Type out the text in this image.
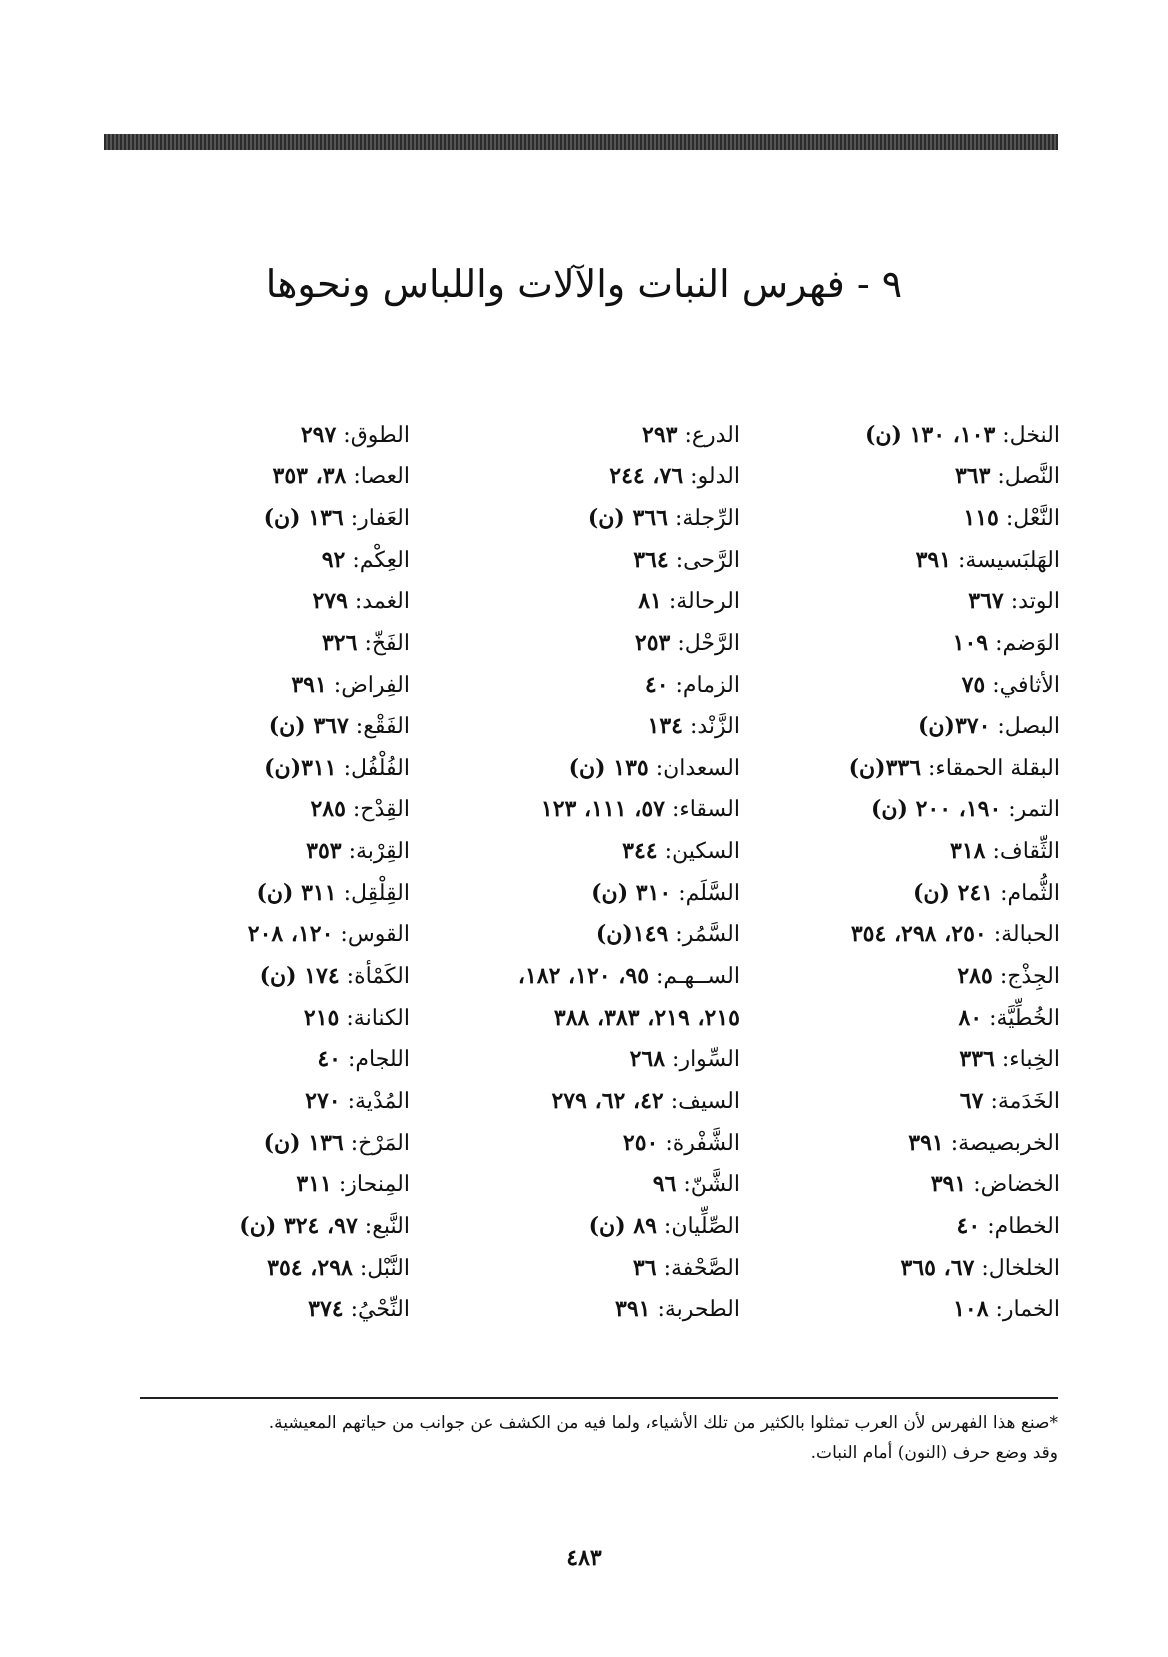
٩ - فهرس النبات والآلات واللباس ونحوها
النخل: ١٠٣، ١٣٠ (ن)
النَّصل: ٣٦٣
النَّعْل: ١١٥
الهَلبَسيسة: ٣٩١
الوتد: ٣٦٧
الوَضم: ١٠٩
الأثافي: ٧٥
البصل: ٣٧٠(ن)
البقلة الحمقاء: ٣٣٦(ن)
التمر: ١٩٠، ٢٠٠ (ن)
الثِّقاف: ٣١٨
الثُّمام: ٢٤١ (ن)
الحبالة: ٢٥٠، ٢٩٨، ٣٥٤
الجِذْج: ٢٨٥
الخُطِّيَّة: ٨٠
الخِباء: ٣٣٦
الخَدَمة: ٦٧
الخربصيصة: ٣٩١
الخضاض: ٣٩١
الخطام: ٤٠
الخلخال: ٦٧، ٣٦٥
الخمار: ١٠٨
الدرع: ٢٩٣
الدلو: ٧٦، ٢٤٤
الرِّجلة: ٣٦٦ (ن)
الرَّحى: ٣٦٤
الرحالة: ٨١
الرَّحْل: ٢٥٣
الزمام: ٤٠
الزَّنْد: ١٣٤
السعدان: ١٣٥ (ن)
السقاء: ٥٧، ١١١، ١٢٣
السكين: ٣٤٤
السَّلَم: ٣١٠ (ن)
السَّمُر: ١٤٩(ن)
الســهـم: ٩٥، ١٢٠، ١٨٢،
٢١٥، ٢١٩، ٣٨٣، ٣٨٨
السِّوار: ٢٦٨
السيف: ٤٢، ٦٢، ٢٧٩
الشَّفْرة: ٢٥٠
الشَّنّ: ٩٦
الصِّلِّيان: ٨٩ (ن)
الصَّحْفة: ٣٦
الطحربة: ٣٩١
الطوق: ٢٩٧
العصا: ٣٨، ٣٥٣
العَفار: ١٣٦ (ن)
العِكْم: ٩٢
الغمد: ٢٧٩
الفَخّ: ٣٢٦
الفِراض: ٣٩١
الفَقْع: ٣٦٧ (ن)
الفُلْفُل: ٣١١(ن)
القِدْح: ٢٨٥
القِرْبة: ٣٥٣
القِلْقِل: ٣١١ (ن)
القوس: ١٢٠، ٢٠٨
الكَمْأة: ١٧٤ (ن)
الكنانة: ٢١٥
اللجام: ٤٠
المُدْية: ٢٧٠
المَرْخ: ١٣٦ (ن)
المِنحاز: ٣١١
النَّبع: ٩٧، ٣٢٤ (ن)
النَّبْل: ٢٩٨، ٣٥٤
النِّحْيُ: ٣٧٤
*صنع هذا الفهرس لأن العرب تمثلوا بالكثير من تلك الأشياء، ولما فيه من الكشف عن جوانب من حياتهم المعيشية.
وقد وضع حرف (النون) أمام النبات.
٤٨٣
